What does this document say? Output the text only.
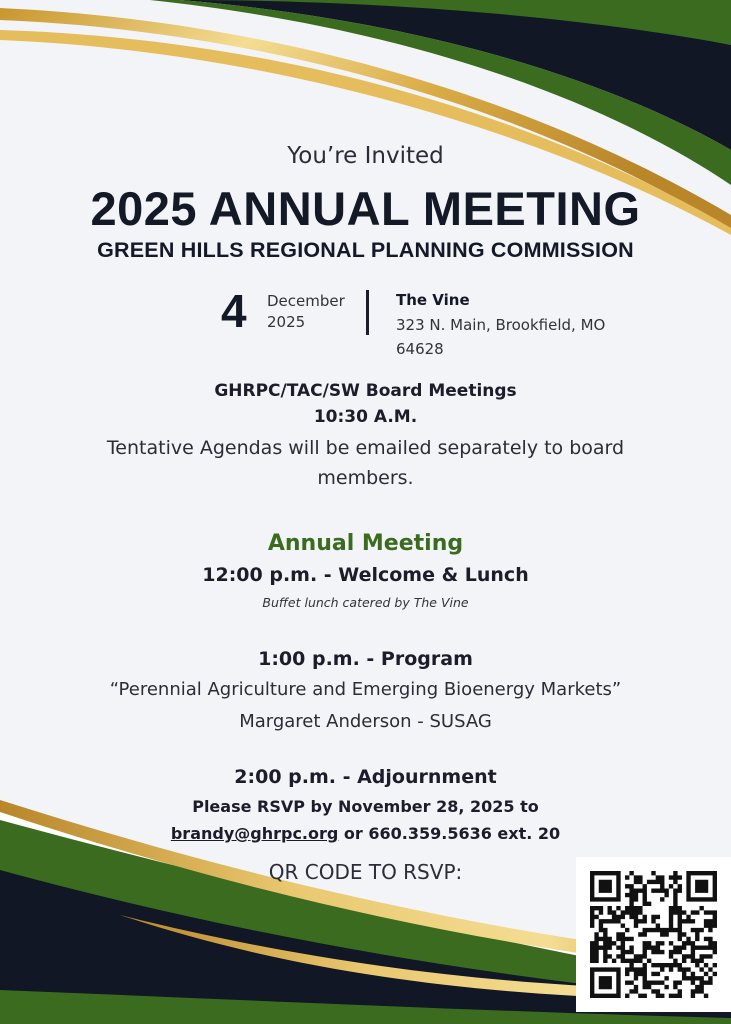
You’re Invited

2025 ANNUAL MEETING
GREEN HILLS REGIONAL PLANNING COMMISSION
4 December
2025
The Vine
323 N. Main, Brookfield, MO 64628
GHRPC/TAC/SW Board Meetings
10:30 A.M.
Tentative Agendas will be emailed separately to board members.
Annual Meeting
12:00 p.m. - Welcome & Lunch
Buffet lunch catered by The Vine
1:00 p.m. - Program
“Perennial Agriculture and Emerging Bioenergy Markets”
Margaret Anderson - SUSAG
2:00 p.m. - Adjournment
Please RSVP by November 28, 2025 to
brandy@ghrpc.org or 660.359.5636 ext. 20
QR CODE TO RSVP:
